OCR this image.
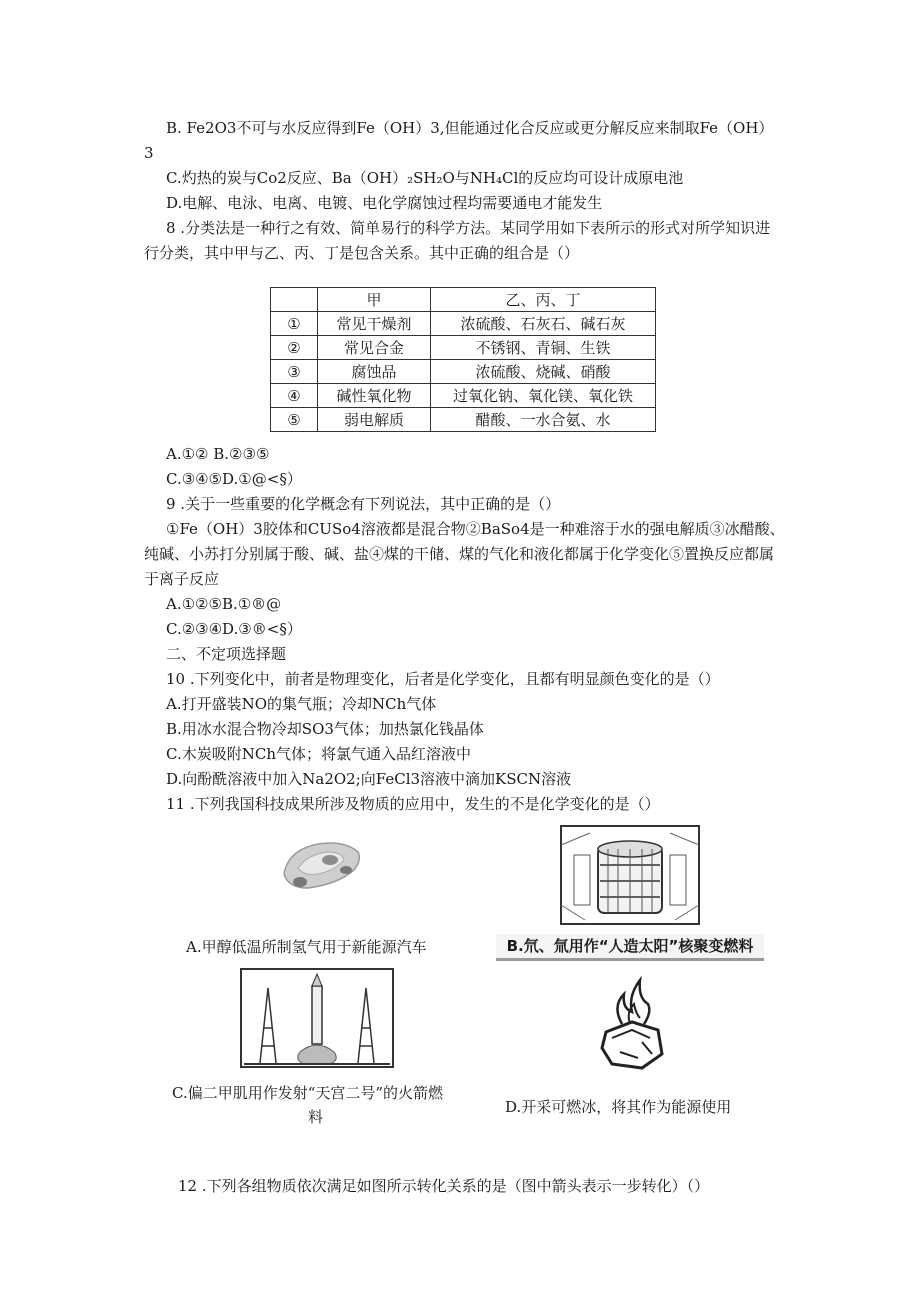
B. Fe2O3不可与水反应得到Fe（OH）3,但能通过化合反应或更分解反应来制取Fe（OH）
3
C.灼热的炭与Co2反应、Ba（OH）₂SH₂O与NH₄Cl的反应均可设计成原电池
D.电解、电泳、电离、电镀、电化学腐蚀过程均需要通电才能发生
8 .分类法是一种行之有效、简单易行的科学方法。某同学用如下表所示的形式对所学知识进
行分类，其中甲与乙、丙、丁是包含关系。其中正确的组合是（）
A.①② B.②③⑤
C.③④⑤D.①@<§）
9 .关于一些重要的化学概念有下列说法，其中正确的是（）
①Fe（OH）3胶体和CUSo4溶液都是混合物②BaSo4是一种难溶于水的强电解质③冰醋酸、
纯碱、小苏打分别属于酸、碱、盐④煤的干储、煤的气化和液化都属于化学变化⑤置换反应都属
于离子反应
A.①②⑤B.①®@
C.②③④D.③®<§）
二、不定项选择题
10 .下列变化中，前者是物理变化，后者是化学变化，且都有明显颜色变化的是（）
A.打开盛装NO的集气瓶；冷却NCh气体
B.用冰水混合物冷却SO3气体；加热氯化钱晶体
C.木炭吸附NCh气体；将氯气通入品红溶液中
D.向酚酰溶液中加入Na2O2;向FeCl3溶液中滴加KSCN溶液
11 .下列我国科技成果所涉及物质的应用中，发生的不是化学变化的是（）
12 .下列各组物质依次满足如图所示转化关系的是（图中箭头表示一步转化）（）
	甲	乙、丙、丁
①	常见干燥剂	浓硫酸、石灰石、碱石灰
②	常见合金	不锈钢、青铜、生铁
③	腐蚀品	浓硫酸、烧碱、硝酸
④	碱性氧化物	过氧化钠、氧化镁、氧化铁
⑤	弱电解质	醋酸、一水合氨、水
A.甲醇低温所制氢气用于新能源汽车	B.氘、氚用作“人造太阳”核聚变燃料
C.偏二甲肌用作发射“天宫二号”的火箭燃
料
D.开采可燃冰，将其作为能源使用
